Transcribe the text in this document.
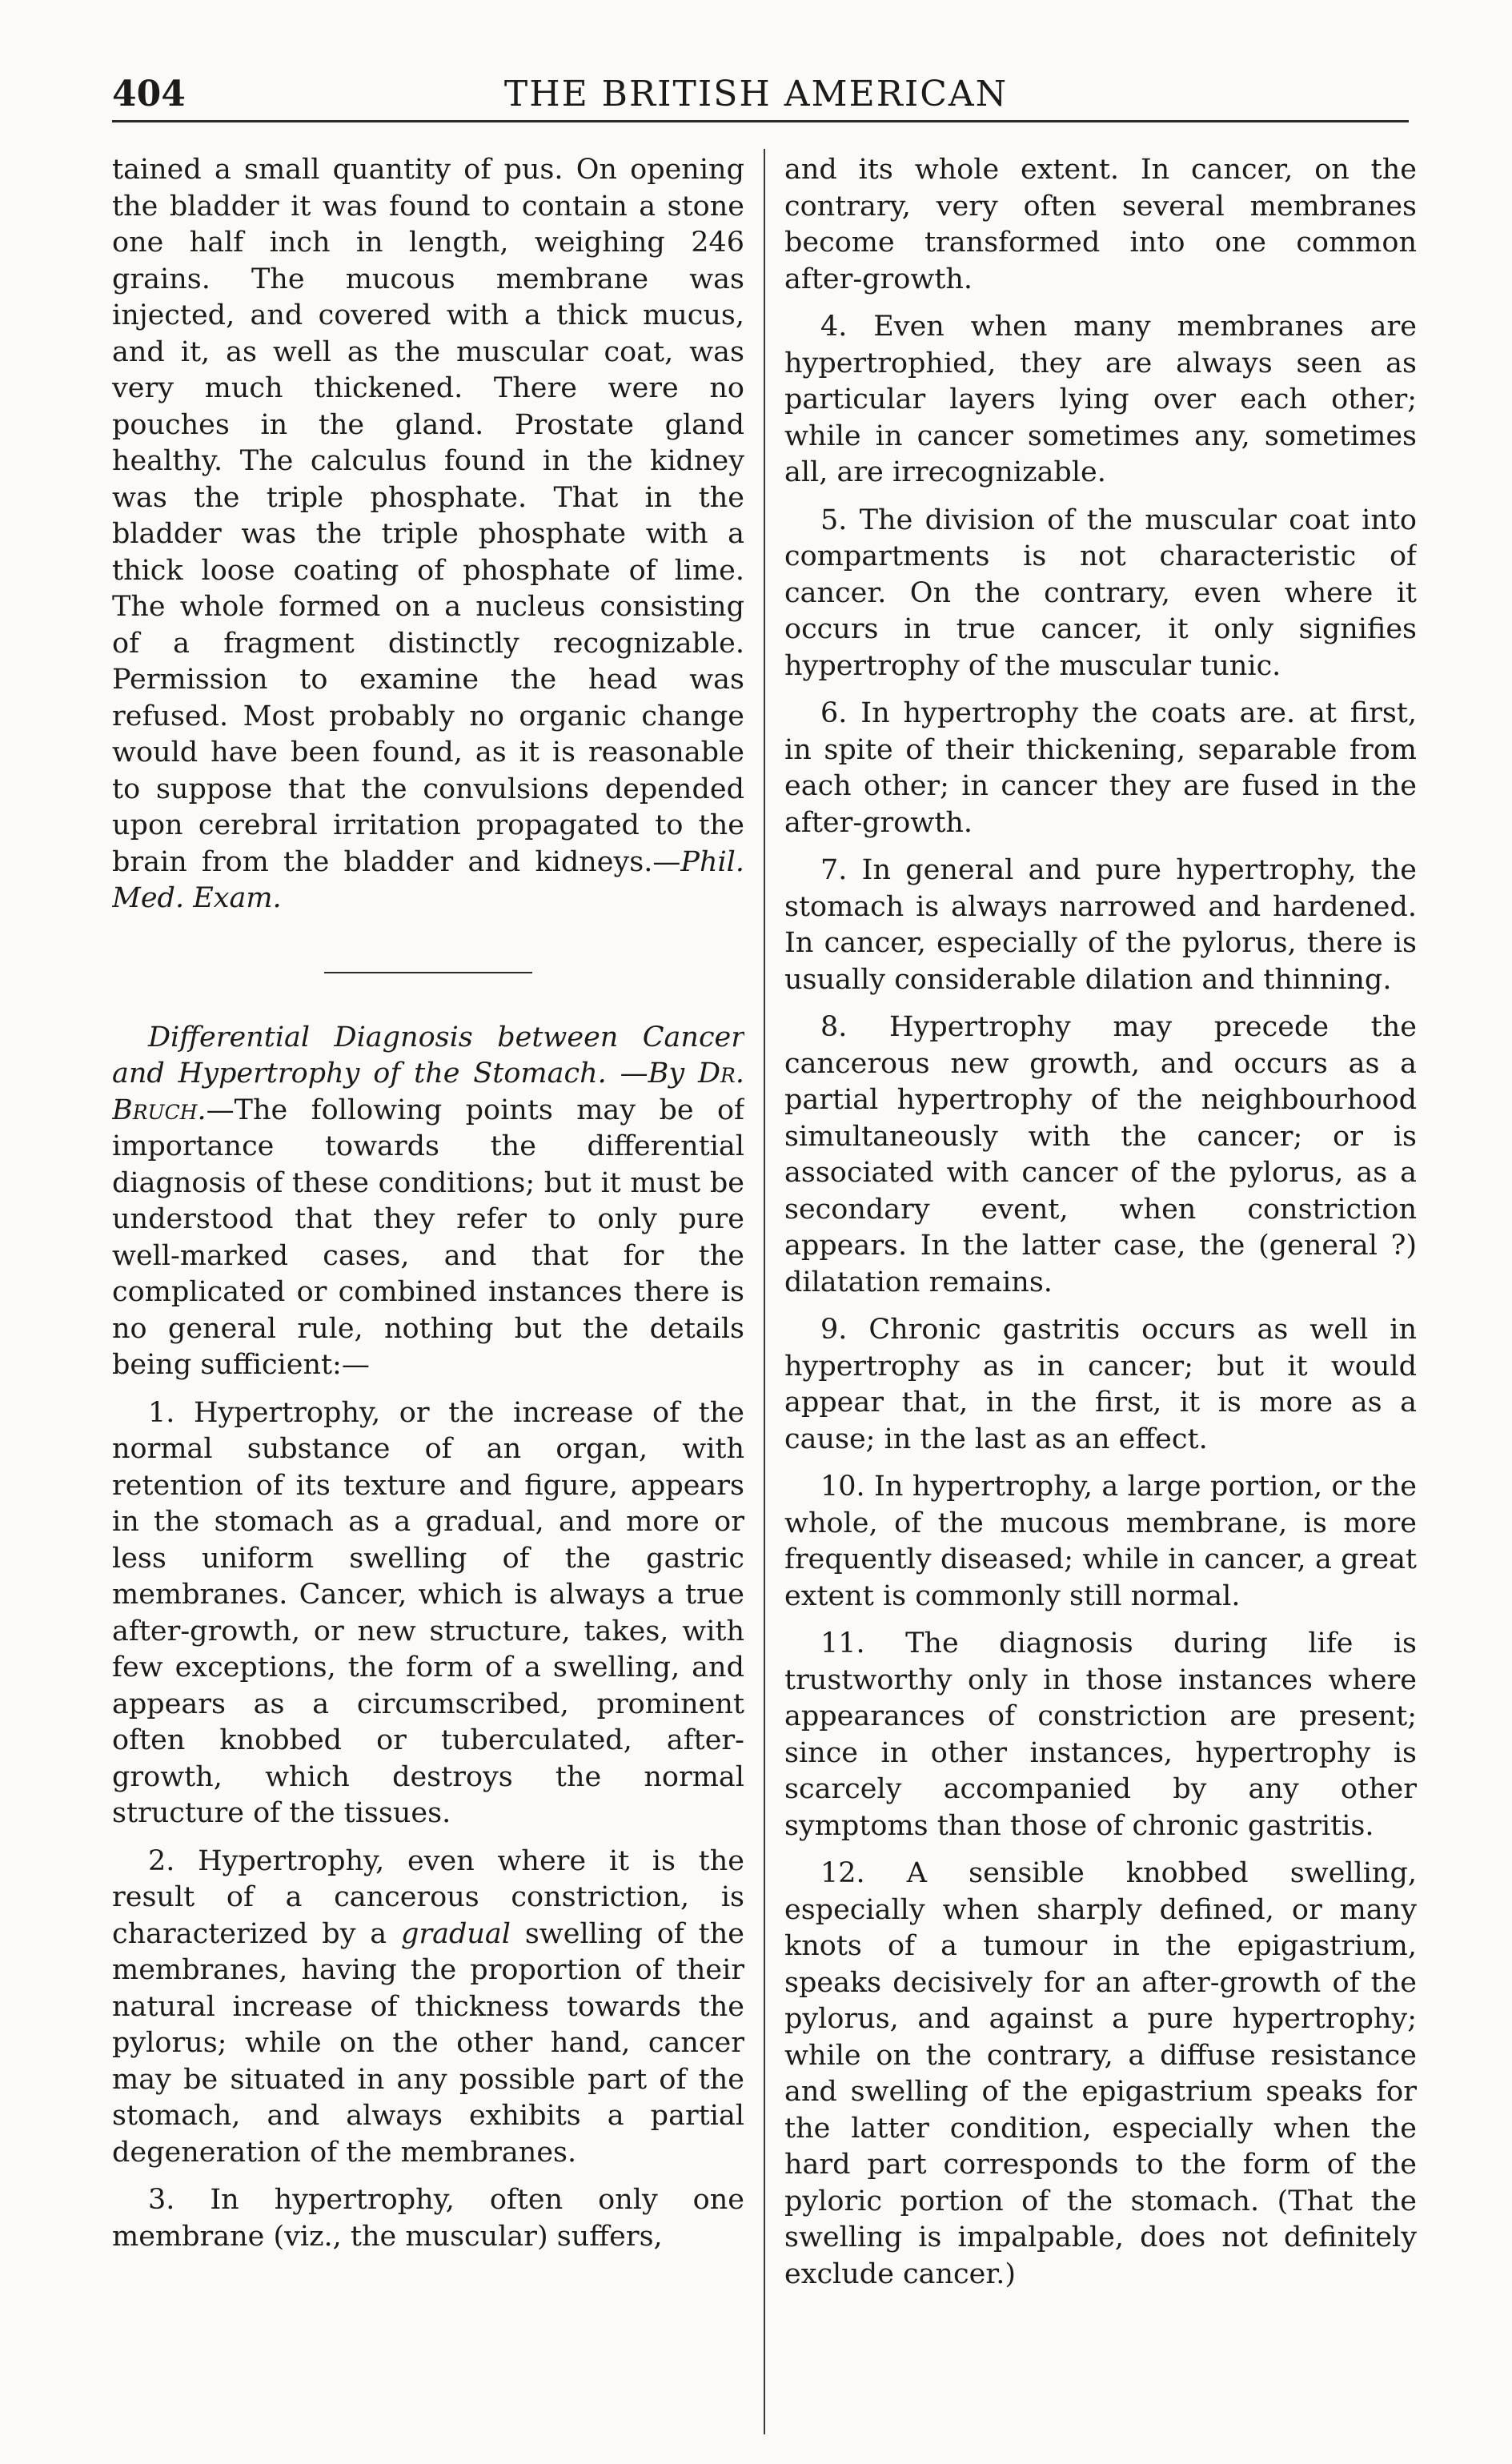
404	THE BRITISH AMERICAN

tained a small quantity of pus. On opening the bladder it was found to contain a stone one half inch in length, weighing 246 grains. The mucous membrane was injected, and covered with a thick mucus, and it, as well as the muscular coat, was very much thickened. There were no pouches in the gland. Prostate gland healthy. The calculus found in the kidney was the triple phosphate. That in the bladder was the triple phosphate with a thick loose coating of phosphate of lime. The whole formed on a nucleus consisting of a fragment distinctly recognizable. Permission to examine the head was refused. Most probably no organic change would have been found, as it is reasonable to suppose that the convulsions depended upon cerebral irritation propagated to the brain from the bladder and kidneys.—Phil. Med. Exam.

Differential Diagnosis between Cancer and Hypertrophy of the Stomach. —By Dr. Bruch.—The following points may be of importance towards the differential diagnosis of these conditions; but it must be understood that they refer to only pure well-marked cases, and that for the complicated or combined instances there is no general rule, nothing but the details being sufficient:—

1. Hypertrophy, or the increase of the normal substance of an organ, with retention of its texture and figure, appears in the stomach as a gradual, and more or less uniform swelling of the gastric membranes. Cancer, which is always a true after-growth, or new structure, takes, with few exceptions, the form of a swelling, and appears as a circumscribed, prominent often knobbed or tuberculated, after-growth, which destroys the normal structure of the tissues.

2. Hypertrophy, even where it is the result of a cancerous constriction, is characterized by a gradual swelling of the membranes, having the proportion of their natural increase of thickness towards the pylorus; while on the other hand, cancer may be situated in any possible part of the stomach, and always exhibits a partial degeneration of the membranes.

3. In hypertrophy, often only one membrane (viz., the muscular) suffers,

and its whole extent. In cancer, on the contrary, very often several membranes become transformed into one common after-growth.

4. Even when many membranes are hypertrophied, they are always seen as particular layers lying over each other; while in cancer sometimes any, sometimes all, are irrecognizable.

5. The division of the muscular coat into compartments is not characteristic of cancer. On the contrary, even where it occurs in true cancer, it only signifies hypertrophy of the muscular tunic.

6. In hypertrophy the coats are. at first, in spite of their thickening, separable from each other; in cancer they are fused in the after-growth.

7. In general and pure hypertrophy, the stomach is always narrowed and hardened. In cancer, especially of the pylorus, there is usually considerable dilation and thinning.

8. Hypertrophy may precede the cancerous new growth, and occurs as a partial hypertrophy of the neighbourhood simultaneously with the cancer; or is associated with cancer of the pylorus, as a secondary event, when constriction appears. In the latter case, the (general ?) dilatation remains.

9. Chronic gastritis occurs as well in hypertrophy as in cancer; but it would appear that, in the first, it is more as a cause; in the last as an effect.

10. In hypertrophy, a large portion, or the whole, of the mucous membrane, is more frequently diseased; while in cancer, a great extent is commonly still normal.

11. The diagnosis during life is trustworthy only in those instances where appearances of constriction are present; since in other instances, hypertrophy is scarcely accompanied by any other symptoms than those of chronic gastritis.

12. A sensible knobbed swelling, especially when sharply defined, or many knots of a tumour in the epigastrium, speaks decisively for an after-growth of the pylorus, and against a pure hypertrophy; while on the contrary, a diffuse resistance and swelling of the epigastrium speaks for the latter condition, especially when the hard part corresponds to the form of the pyloric portion of the stomach. (That the swelling is impalpable, does not definitely exclude cancer.)
